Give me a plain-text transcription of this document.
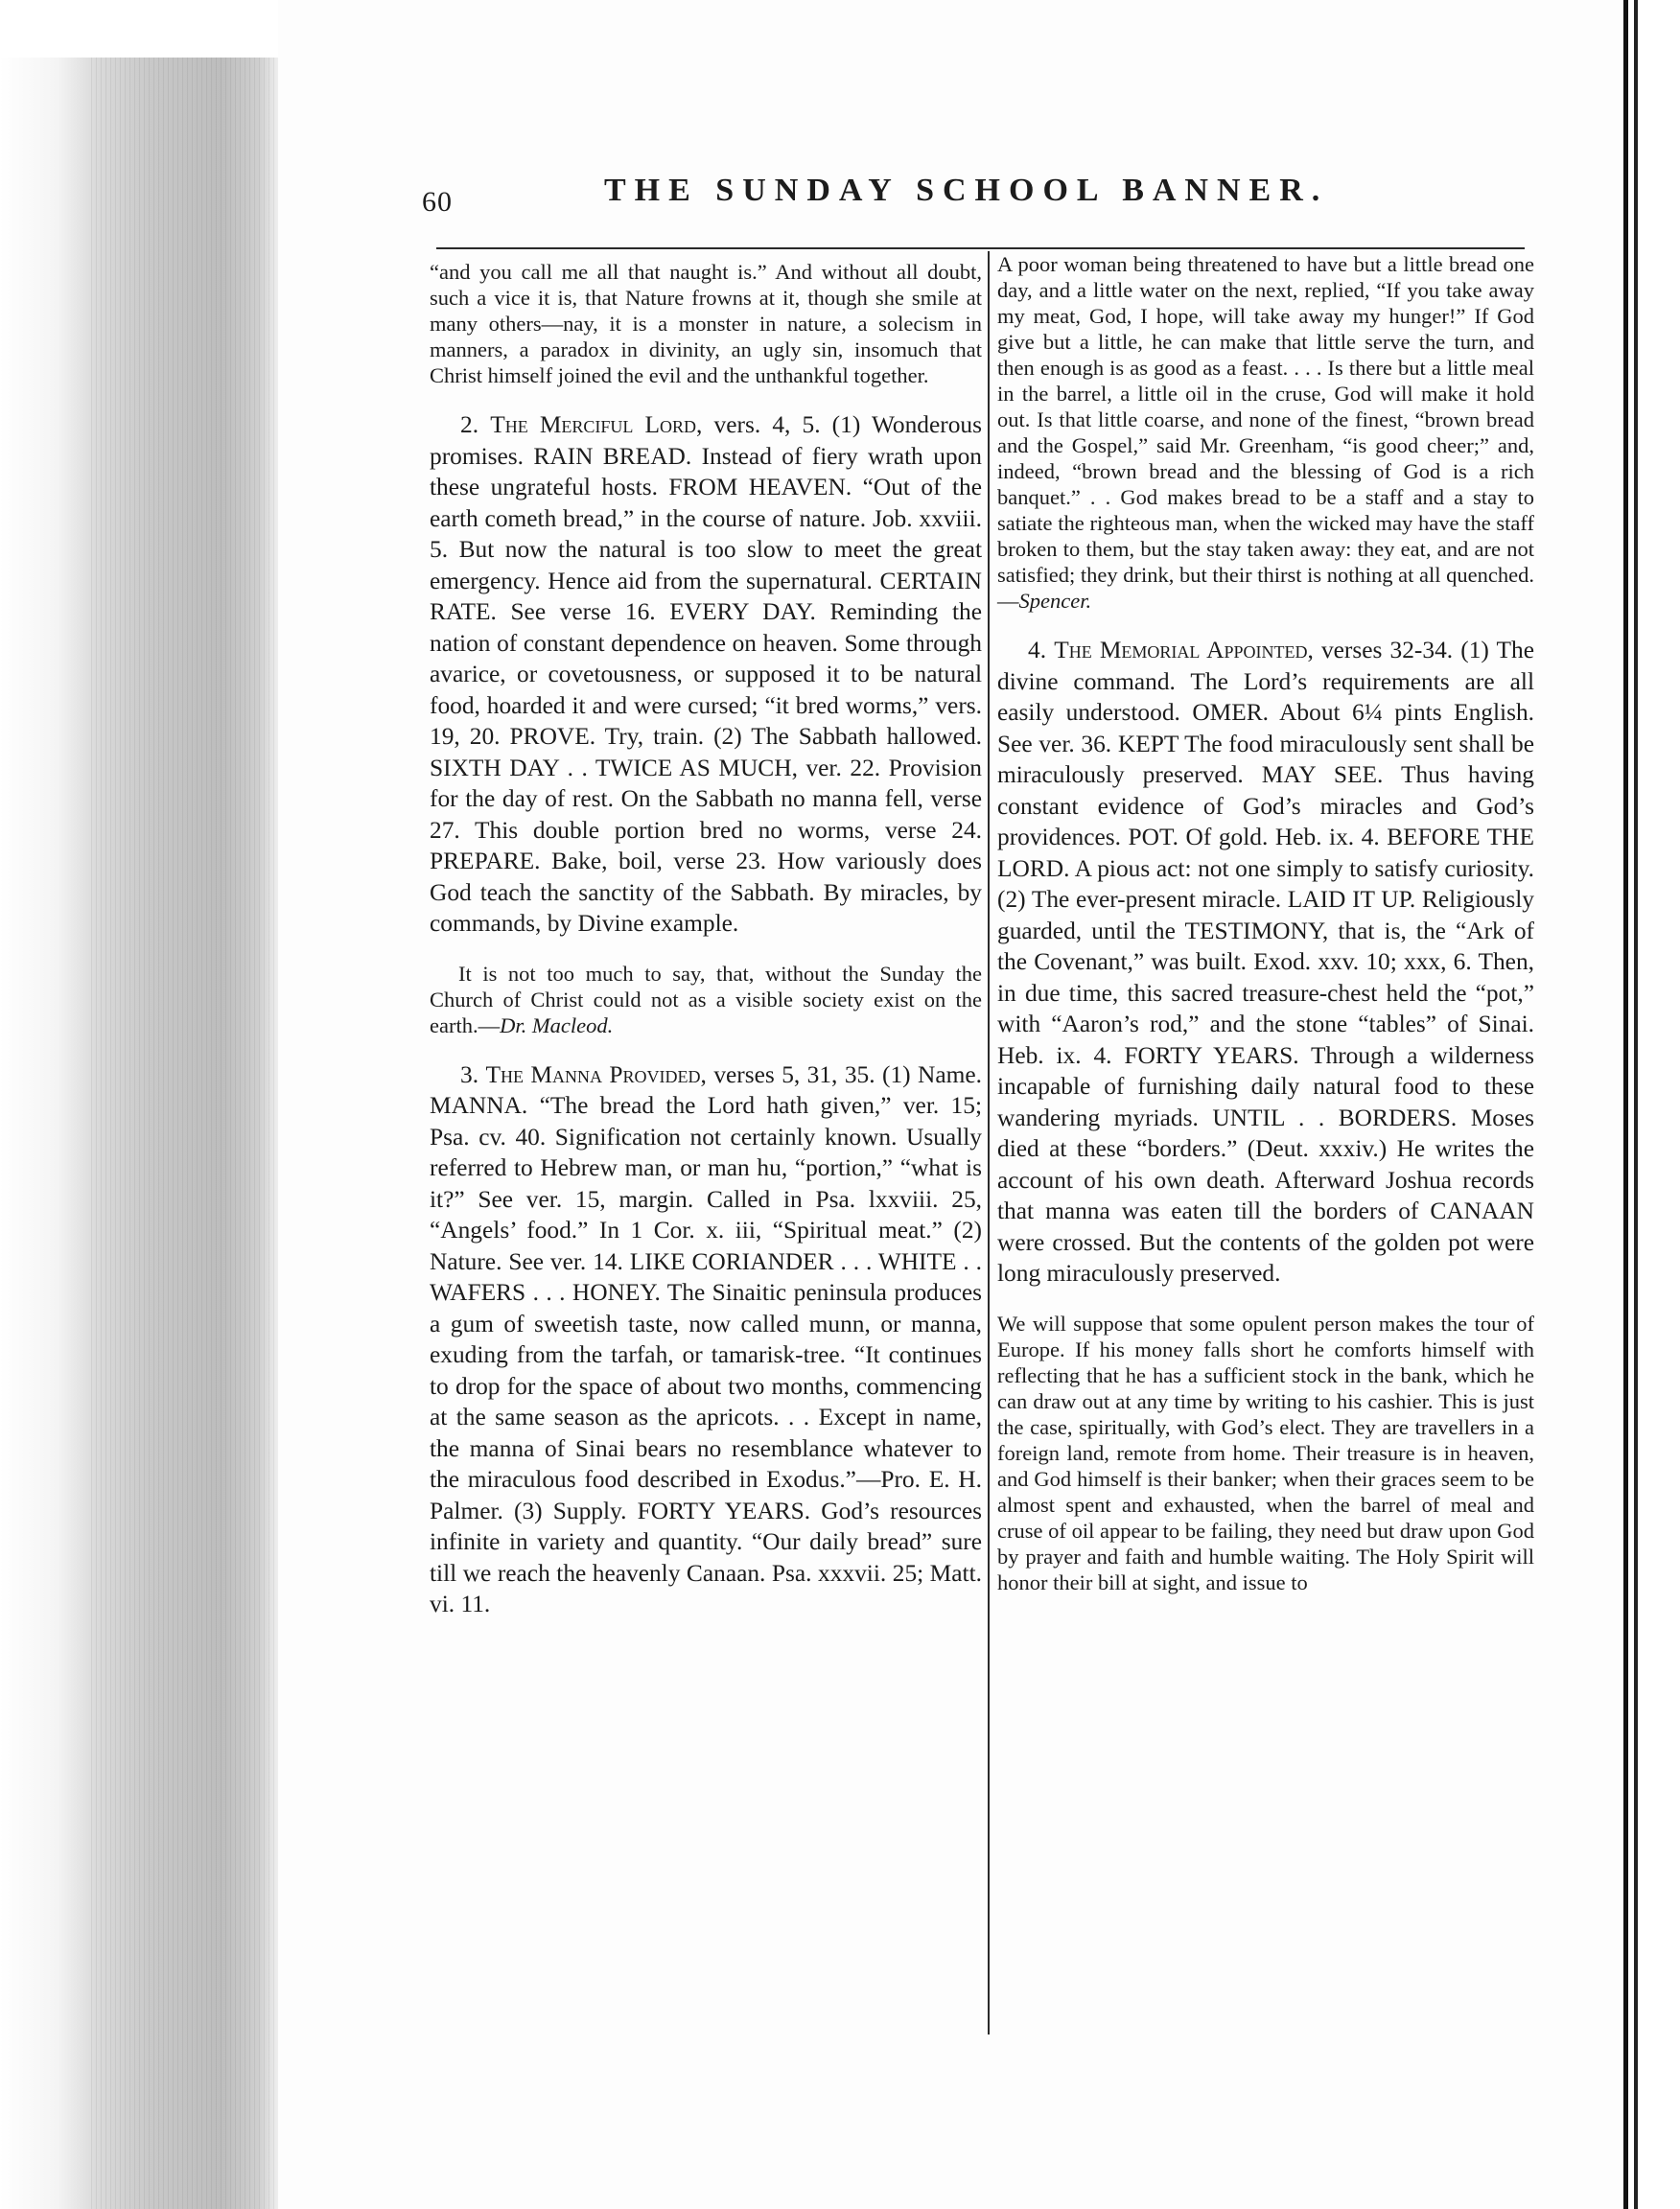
60	THE SUNDAY SCHOOL BANNER.

“and you call me all that naught is.” And without all doubt, such a vice it is, that Nature frowns at it, though she smile at many others—nay, it is a monster in nature, a solecism in manners, a paradox in divinity, an ugly sin, insomuch that Christ himself joined the evil and the unthankful together.

2. The Merciful Lord, vers. 4, 5. (1) Wonderous promises. RAIN BREAD. Instead of fiery wrath upon these ungrateful hosts. FROM HEAVEN. “Out of the earth cometh bread,” in the course of nature. Job. xxviii. 5. But now the natural is too slow to meet the great emergency. Hence aid from the supernatural. CERTAIN RATE. See verse 16. EVERY DAY. Reminding the nation of constant dependence on heaven. Some through avarice, or covetousness, or supposed it to be natural food, hoarded it and were cursed; “it bred worms,” vers. 19, 20. PROVE. Try, train. (2) The Sabbath hallowed. SIXTH DAY . . TWICE AS MUCH, ver. 22. Provision for the day of rest. On the Sabbath no manna fell, verse 27. This double portion bred no worms, verse 24. PREPARE. Bake, boil, verse 23. How variously does God teach the sanctity of the Sabbath. By miracles, by commands, by Divine example.

It is not too much to say, that, without the Sunday the Church of Christ could not as a visible society exist on the earth.—Dr. Macleod.

3. The Manna Provided, verses 5, 31, 35. (1) Name. MANNA. “The bread the Lord hath given,” ver. 15; Psa. cv. 40. Signification not certainly known. Usually referred to Hebrew man, or man hu, “portion,” “what is it?” See ver. 15, margin. Called in Psa. lxxviii. 25, “Angels’ food.” In 1 Cor. x. iii, “Spiritual meat.” (2) Nature. See ver. 14. LIKE CORIANDER . . . WHITE . . WAFERS . . . HONEY. The Sinaitic peninsula produces a gum of sweetish taste, now called munn, or manna, exuding from the tarfah, or tamarisk-tree. “It continues to drop for the space of about two months, commencing at the same season as the apricots. . . Except in name, the manna of Sinai bears no resemblance whatever to the miraculous food described in Exodus.”—Pro. E. H. Palmer. (3) Supply. FORTY YEARS. God’s resources infinite in variety and quantity. “Our daily bread” sure till we reach the heavenly Canaan. Psa. xxxvii. 25; Matt. vi. 11.

A poor woman being threatened to have but a little bread one day, and a little water on the next, replied, “If you take away my meat, God, I hope, will take away my hunger!” If God give but a little, he can make that little serve the turn, and then enough is as good as a feast. . . . Is there but a little meal in the barrel, a little oil in the cruse, God will make it hold out. Is that little coarse, and none of the finest, “brown bread and the Gospel,” said Mr. Greenham, “is good cheer;” and, indeed, “brown bread and the blessing of God is a rich banquet.” . . God makes bread to be a staff and a stay to satiate the righteous man, when the wicked may have the staff broken to them, but the stay taken away: they eat, and are not satisfied; they drink, but their thirst is nothing at all quenched.—Spencer.

4. The Memorial Appointed, verses 32-34. (1) The divine command. The Lord’s requirements are all easily understood. OMER. About 6¼ pints English. See ver. 36. KEPT The food miraculously sent shall be miraculously preserved. MAY SEE. Thus having constant evidence of God’s miracles and God’s providences. POT. Of gold. Heb. ix. 4. BEFORE THE LORD. A pious act: not one simply to satisfy curiosity. (2) The ever-present miracle. LAID IT UP. Religiously guarded, until the TESTIMONY, that is, the “Ark of the Covenant,” was built. Exod. xxv. 10; xxx, 6. Then, in due time, this sacred treasure-chest held the “pot,” with “Aaron’s rod,” and the stone “tables” of Sinai. Heb. ix. 4. FORTY YEARS. Through a wilderness incapable of furnishing daily natural food to these wandering myriads. UNTIL . . BORDERS. Moses died at these “borders.” (Deut. xxxiv.) He writes the account of his own death. Afterward Joshua records that manna was eaten till the borders of CANAAN were crossed. But the contents of the golden pot were long miraculously preserved.

We will suppose that some opulent person makes the tour of Europe. If his money falls short he comforts himself with reflecting that he has a sufficient stock in the bank, which he can draw out at any time by writing to his cashier. This is just the case, spiritually, with God’s elect. They are travellers in a foreign land, remote from home. Their treasure is in heaven, and God himself is their banker; when their graces seem to be almost spent and exhausted, when the barrel of meal and cruse of oil appear to be failing, they need but draw upon God by prayer and faith and humble waiting. The Holy Spirit will honor their bill at sight, and issue to
